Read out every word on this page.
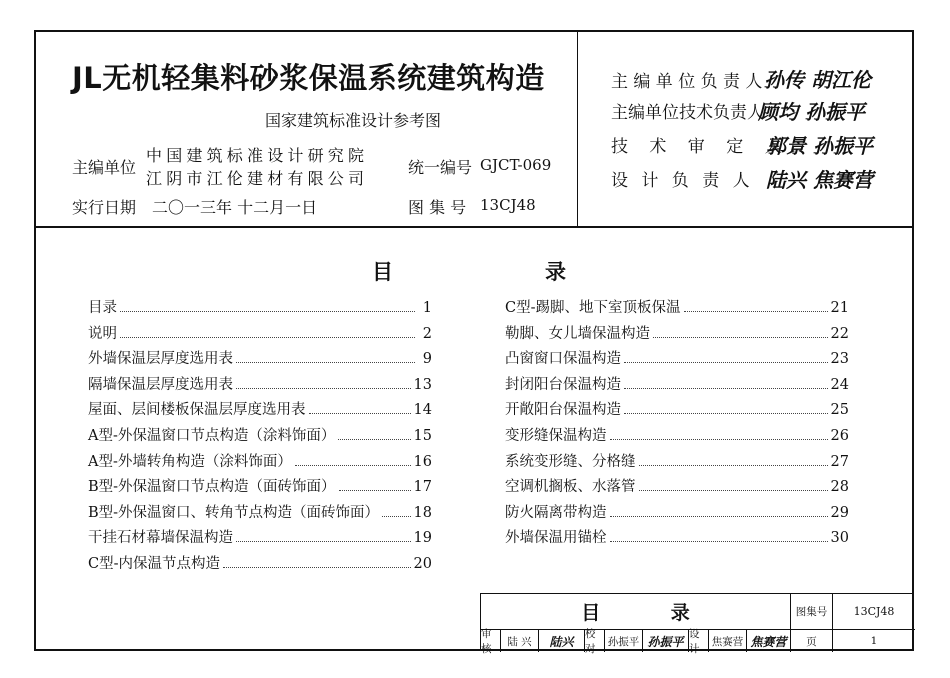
JL无机轻集料砂浆保温系统建筑构造
国家建筑标准设计参考图
主编单位
中国建筑标准设计研究院
江阴市江伦建材有限公司
统一编号 GJCT-069
实行日期 二〇一三年 十二月一日	图 集 号 13CJ48
主 编 单 位 负 责 人 孙传 胡江伦
主编单位技术负责人
顾均 孙振平
技 术 审 定 人
郭景 孙振平
设 计 负 责 人 陆兴 焦赛营
目	录
目录	1
说明	2
外墙保温层厚度选用表	9
隔墙保温层厚度选用表	13
屋面、层间楼板保温层厚度选用表	14
A型-外保温窗口节点构造（涂料饰面）	15
A型-外墙转角构造（涂料饰面）	16
B型-外保温窗口节点构造（面砖饰面）	17
B型-外保温窗口、转角节点构造（面砖饰面） 18
干挂石材幕墙保温构造	19
C型-内保温节点构造	20
C型-踢脚、地下室顶板保温	21
勒脚、女儿墙保温构造	22
凸窗窗口保温构造	23
封闭阳台保温构造	24
开敞阳台保温构造	25
变形缝保温构造	26
系统变形缝、分格缝	27
空调机搁板、水落管	28
防火隔离带构造	29
外墙保温用锚栓	30
目 录	图集号	13CJ48
审核
陆 兴	陆兴
校对
孙振平 孙振平
设计
焦赛营 焦赛营	页	1
